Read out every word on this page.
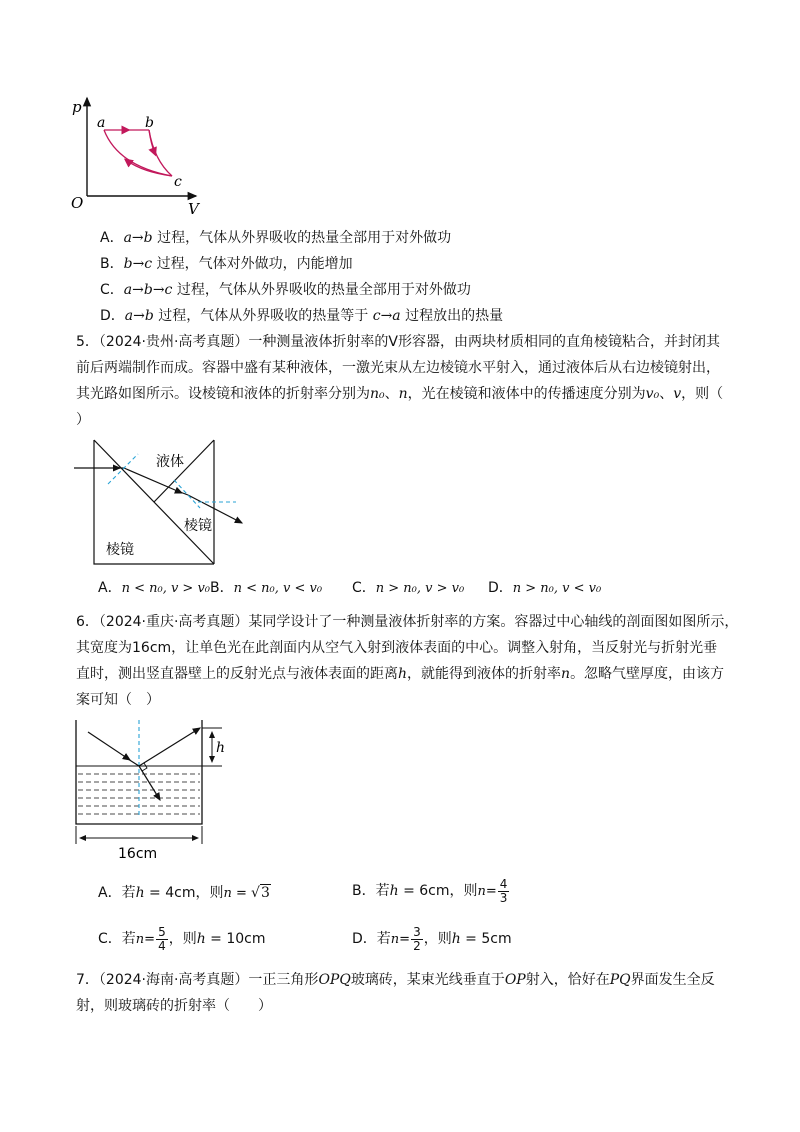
p
V
O
a	b
c
A．a→b 过程，气体从外界吸收的热量全部用于对外做功
B．b→c 过程，气体对外做功，内能增加
C．a→b→c 过程，气体从外界吸收的热量全部用于对外做功
D．a→b 过程，气体从外界吸收的热量等于 c→a 过程放出的热量
5．（2024·贵州·高考真题）一种测量液体折射率的V形容器，由两块材质相同的直角棱镜粘合，并封闭其
前后两端制作而成。容器中盛有某种液体，一激光束从左边棱镜水平射入，通过液体后从右边棱镜射出，
其光路如图所示。设棱镜和液体的折射率分别为n₀、n，光在棱镜和液体中的传播速度分别为v₀、v，则（
）
液体
棱镜
棱镜
A．n < n₀, v > v₀ B．n < n₀, v < v₀ C．n > n₀, v > v₀ D．n > n₀, v < v₀
6．（2024·重庆·高考真题）某同学设计了一种测量液体折射率的方案。容器过中心轴线的剖面图如图所示，
其宽度为16cm，让单色光在此剖面内从空气入射到液体表面的中心。调整入射角，当反射光与折射光垂
直时，测出竖直器壁上的反射光点与液体表面的距离h，就能得到液体的折射率n。忽略气壁厚度，由该方
案可知（　）
h
16cm
A．若h = 4cm，则n = √3	B．若h = 6cm，则$n= \frac{4}{3}$
C．若$n= \frac{5}{4}$ ，则h = 10cm	D．若$n= \frac{3}{2}$ ，则h = 5cm
7．（2024·海南·高考真题）一正三角形OPQ玻璃砖，某束光线垂直于OP射入，恰好在PQ界面发生全反
射，则玻璃砖的折射率（　　）
